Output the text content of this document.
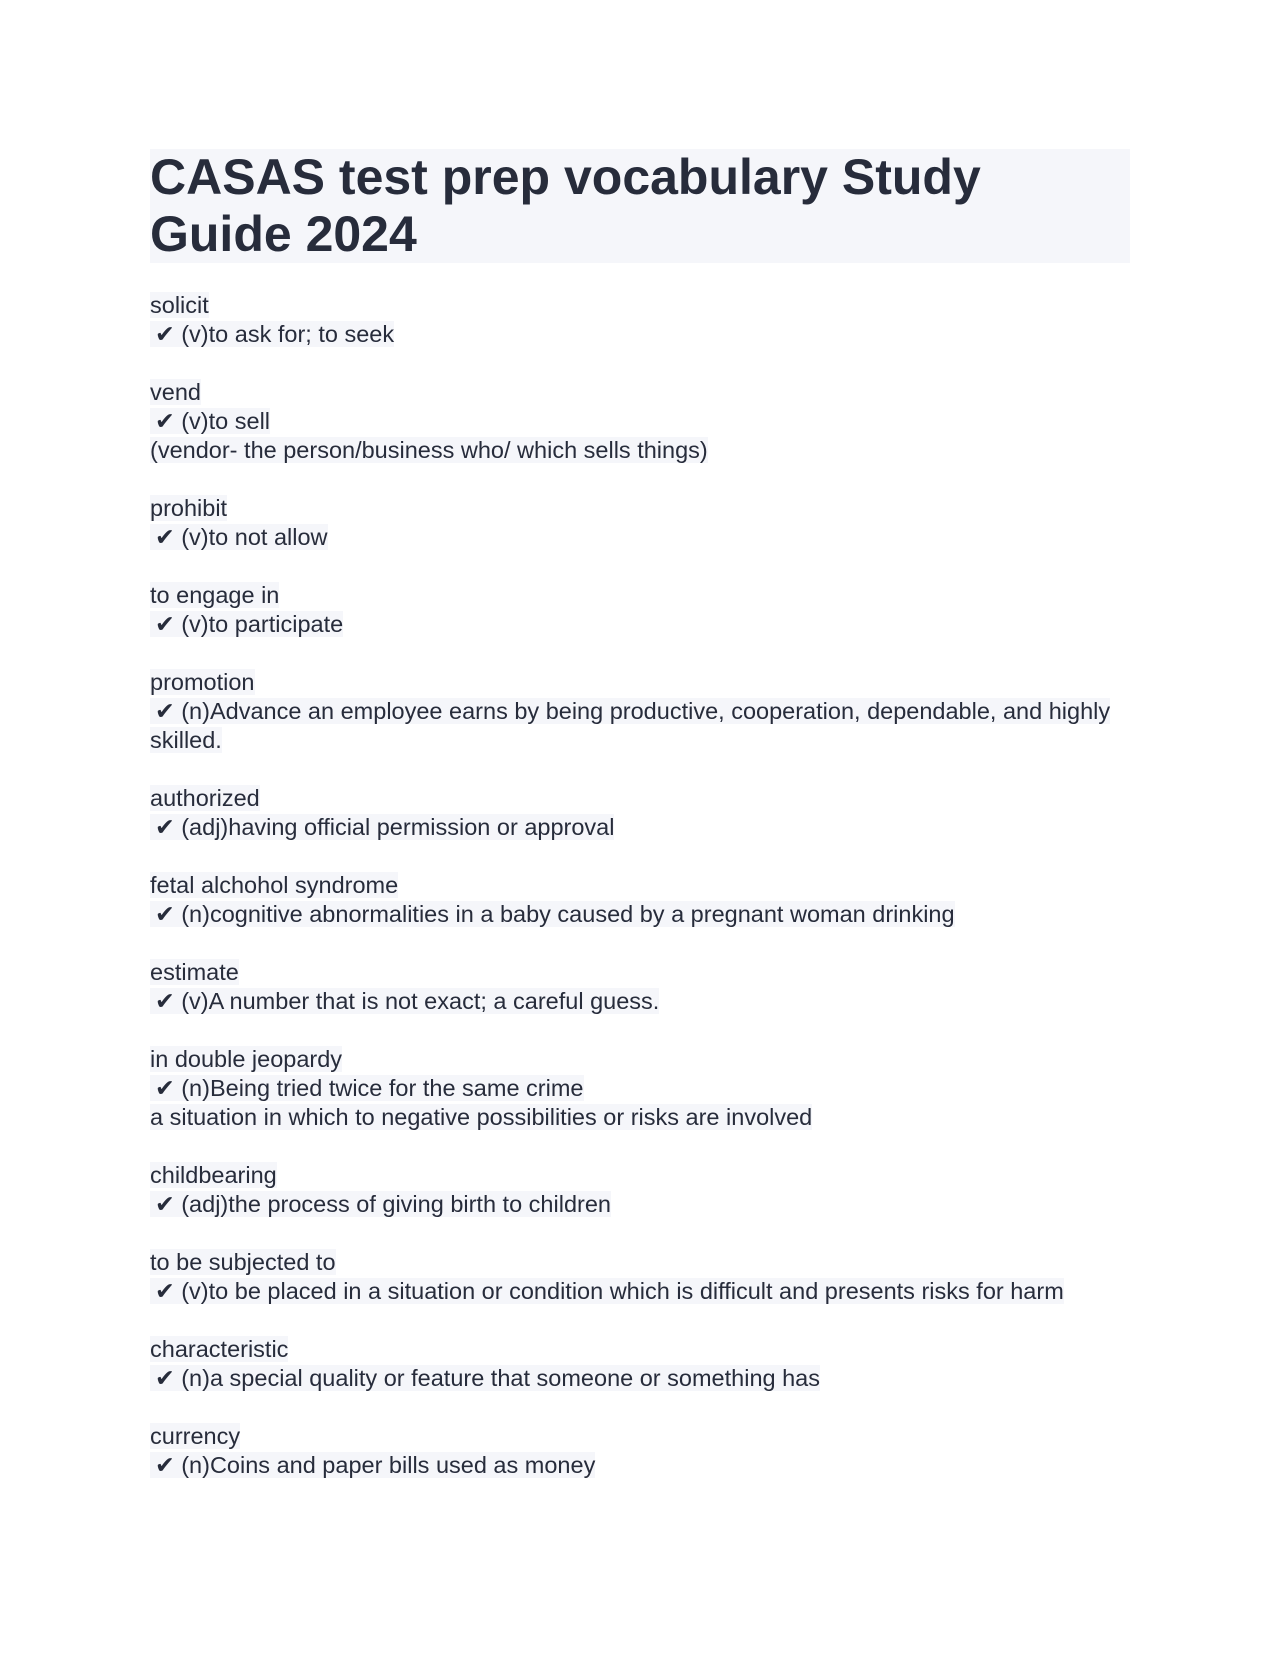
CASAS test prep vocabulary Study Guide 2024
solicit
✔ (v)to ask for; to seek
vend
✔ (v)to sell
(vendor- the person/business who/ which sells things)
prohibit
✔ (v)to not allow
to engage in
✔ (v)to participate
promotion
✔ (n)Advance an employee earns by being productive, cooperation, dependable, and highly skilled.
authorized
✔ (adj)having official permission or approval
fetal alchohol syndrome
✔ (n)cognitive abnormalities in a baby caused by a pregnant woman drinking
estimate
✔ (v)A number that is not exact; a careful guess.
in double jeopardy
✔ (n)Being tried twice for the same crime
a situation in which to negative possibilities or risks are involved
childbearing
✔ (adj)the process of giving birth to children
to be subjected to
✔ (v)to be placed in a situation or condition which is difficult and presents risks for harm
characteristic
✔ (n)a special quality or feature that someone or something has
currency
✔ (n)Coins and paper bills used as money
